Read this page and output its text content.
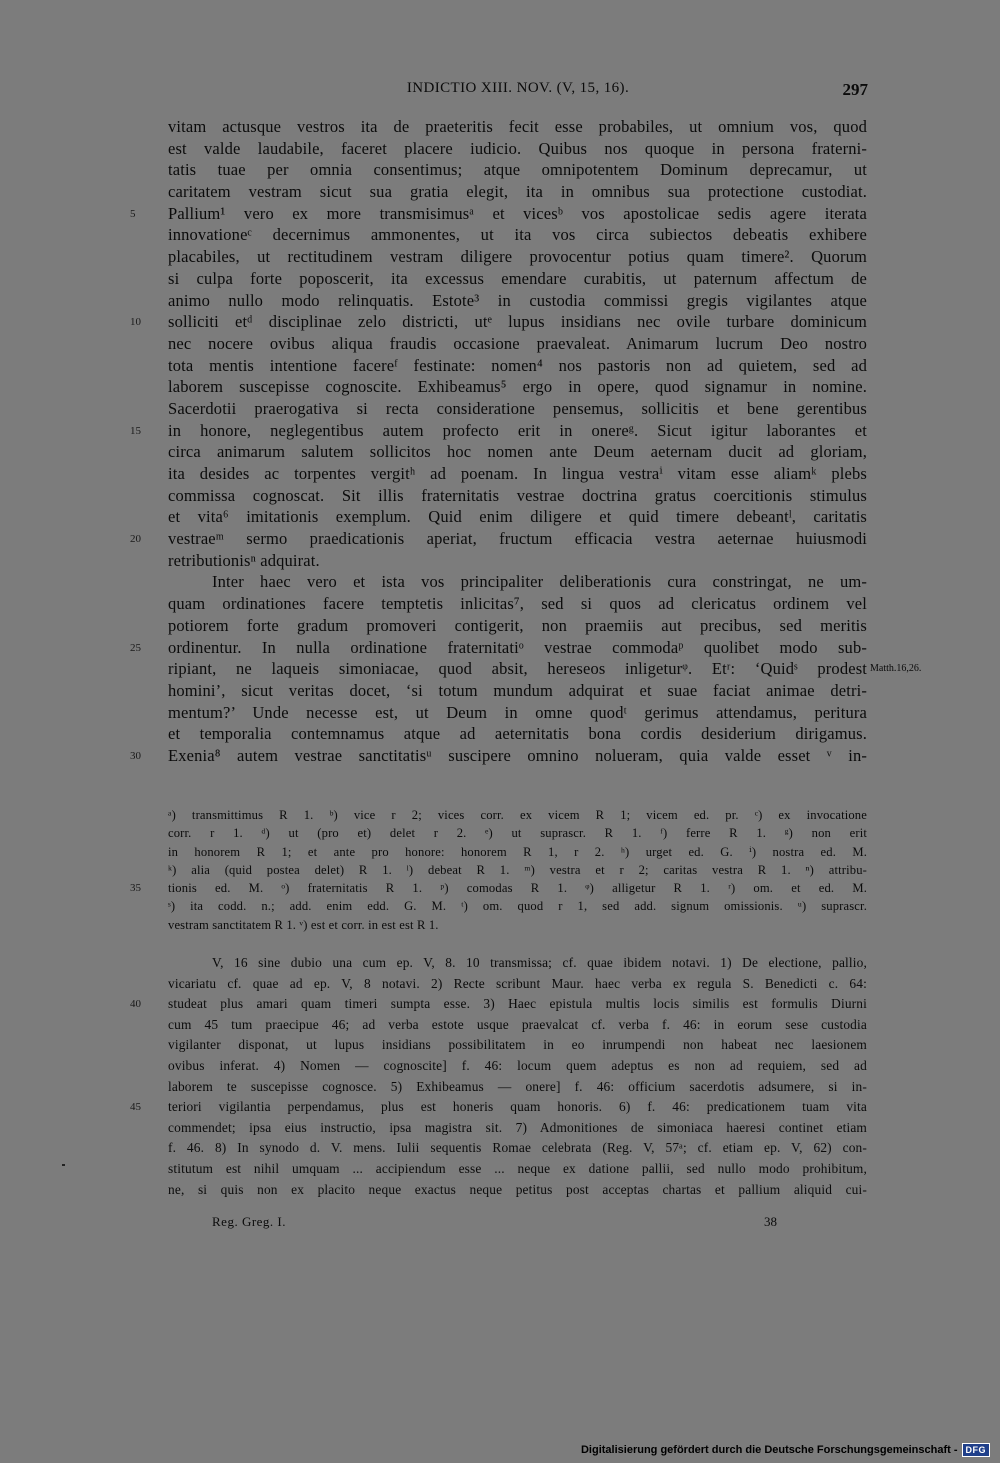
INDICTIO XIII. NOV. (V, 15, 16).	297
vitam actusque vestros ita de praeteritis fecit esse probabiles, ut omnium vos, quod
est valde laudabile, faceret placere iudicio. Quibus nos quoque in persona fraterni-
tatis tuae per omnia consentimus; atque omnipotentem Dominum deprecamur, ut
caritatem vestram sicut sua gratia elegit, ita in omnibus sua protectione custodiat.
5	Pallium¹ vero ex more transmisimusᵃ et vicesᵇ vos apostolicae sedis agere iterata
innovationeᶜ decernimus ammonentes, ut ita vos circa subiectos debeatis exhibere
placabiles, ut rectitudinem vestram diligere provocentur potius quam timere². Quorum
si culpa forte poposcerit, ita excessus emendare curabitis, ut paternum affectum de
animo nullo modo relinquatis. Estote³ in custodia commissi gregis vigilantes atque
10	solliciti etᵈ disciplinae zelo districti, utᵉ lupus insidians nec ovile turbare dominicum
nec nocere ovibus aliqua fraudis occasione praevaleat. Animarum lucrum Deo nostro
tota mentis intentione facereᶠ festinate: nomen⁴ nos pastoris non ad quietem, sed ad
laborem suscepisse cognoscite. Exhibeamus⁵ ergo in opere, quod signamur in nomine.
Sacerdotii praerogativa si recta consideratione pensemus, sollicitis et bene gerentibus
15	in honore, neglegentibus autem profecto erit in onereᵍ. Sicut igitur laborantes et
circa animarum salutem sollicitos hoc nomen ante Deum aeternam ducit ad gloriam,
ita desides ac torpentes vergitʰ ad poenam. In lingua vestraⁱ vitam esse aliamᵏ plebs
commissa cognoscat. Sit illis fraternitatis vestrae doctrina gratus coercitionis stimulus
et vita⁶ imitationis exemplum. Quid enim diligere et quid timere debeantˡ, caritatis
20	vestraeᵐ sermo praedicationis aperiat, fructum efficacia vestra aeternae huiusmodi
retributionisⁿ adquirat.
Inter haec vero et ista vos principaliter deliberationis cura constringat, ne um-
quam ordinationes facere temptetis inlicitas⁷, sed si quos ad clericatus ordinem vel
potiorem forte gradum promoveri contigerit, non praemiis aut precibus, sed meritis
25	ordinentur. In nulla ordinatione fraternitatiᵒ vestrae commodaᵖ quolibet modo sub-
ripiant, ne laqueis simoniacae, quod absit, hereseos inligeturᵠ. Etʳ: ‘Quidˢ prodest Matth.16,26.
homini’, sicut veritas docet, ‘si totum mundum adquirat et suae faciat animae detri-
mentum?’ Unde necesse est, ut Deum in omne quodᵗ gerimus attendamus, peritura
et temporalia contemnamus atque ad aeternitatis bona cordis desiderium dirigamus.
30	Exenia⁸ autem vestrae sanctitatisᵘ suscipere omnino nolueram, quia valde esset ᵛ in-
ᵃ) transmittimus R 1. ᵇ) vice r 2; vices corr. ex vicem R 1; vicem ed. pr. ᶜ) ex invocatione
corr. r 1. ᵈ) ut (pro et) delet r 2. ᵉ) ut suprascr. R 1. ᶠ) ferre R 1. ᵍ) non erit
in honorem R 1; et ante pro honore: honorem R 1, r 2. ʰ) urget ed. G. ⁱ) nostra ed. M.
ᵏ) alia (quid postea delet) R 1. ˡ) debeat R 1. ᵐ) vestra et r 2; caritas vestra R 1. ⁿ) attribu-
35	tionis ed. M. ᵒ) fraternitatis R 1. ᵖ) comodas R 1. ᵠ) alligetur R 1. ʳ) om. et ed. M.
ˢ) ita codd. n.; add. enim edd. G. M. ᵗ) om. quod r 1, sed add. signum omissionis. ᵘ) suprascr.
vestram sanctitatem R 1. ᵛ) est et corr. in est est R 1.
V, 16 sine dubio una cum ep. V, 8. 10 transmissa; cf. quae ibidem notavi. 1) De electione, pallio,
vicariatu cf. quae ad ep. V, 8 notavi. 2) Recte scribunt Maur. haec verba ex regula S. Benedicti c. 64:
40	studeat plus amari quam timeri sumpta esse. 3) Haec epistula multis locis similis est formulis Diurni
cum 45 tum praecipue 46; ad verba estote usque praevalcat cf. verba f. 46: in eorum sese custodia
vigilanter disponat, ut lupus insidians possibilitatem in eo inrumpendi non habeat nec laesionem
ovibus inferat. 4) Nomen — cognoscite] f. 46: locum quem adeptus es non ad requiem, sed ad
laborem te suscepisse cognosce. 5) Exhibeamus — onere] f. 46: officium sacerdotis adsumere, si in-
45	teriori vigilantia perpendamus, plus est honeris quam honoris. 6) f. 46: predicationem tuam vita
commendet; ipsa eius instructio, ipsa magistra sit. 7) Admonitiones de simoniaca haeresi continet etiam
f. 46. 8) In synodo d. V. mens. Iulii sequentis Romae celebrata (Reg. V, 57ᵃ; cf. etiam ep. V, 62) con-
stitutum est nihil umquam ... accipiendum esse ... neque ex datione pallii, sed nullo modo prohibitum,
ne, si quis non ex placito neque exactus neque petitus post acceptas chartas et pallium aliquid cui-
Reg. Greg. I.	38
Digitalisierung gefördert durch die Deutsche Forschungsgemeinschaft - DFG
